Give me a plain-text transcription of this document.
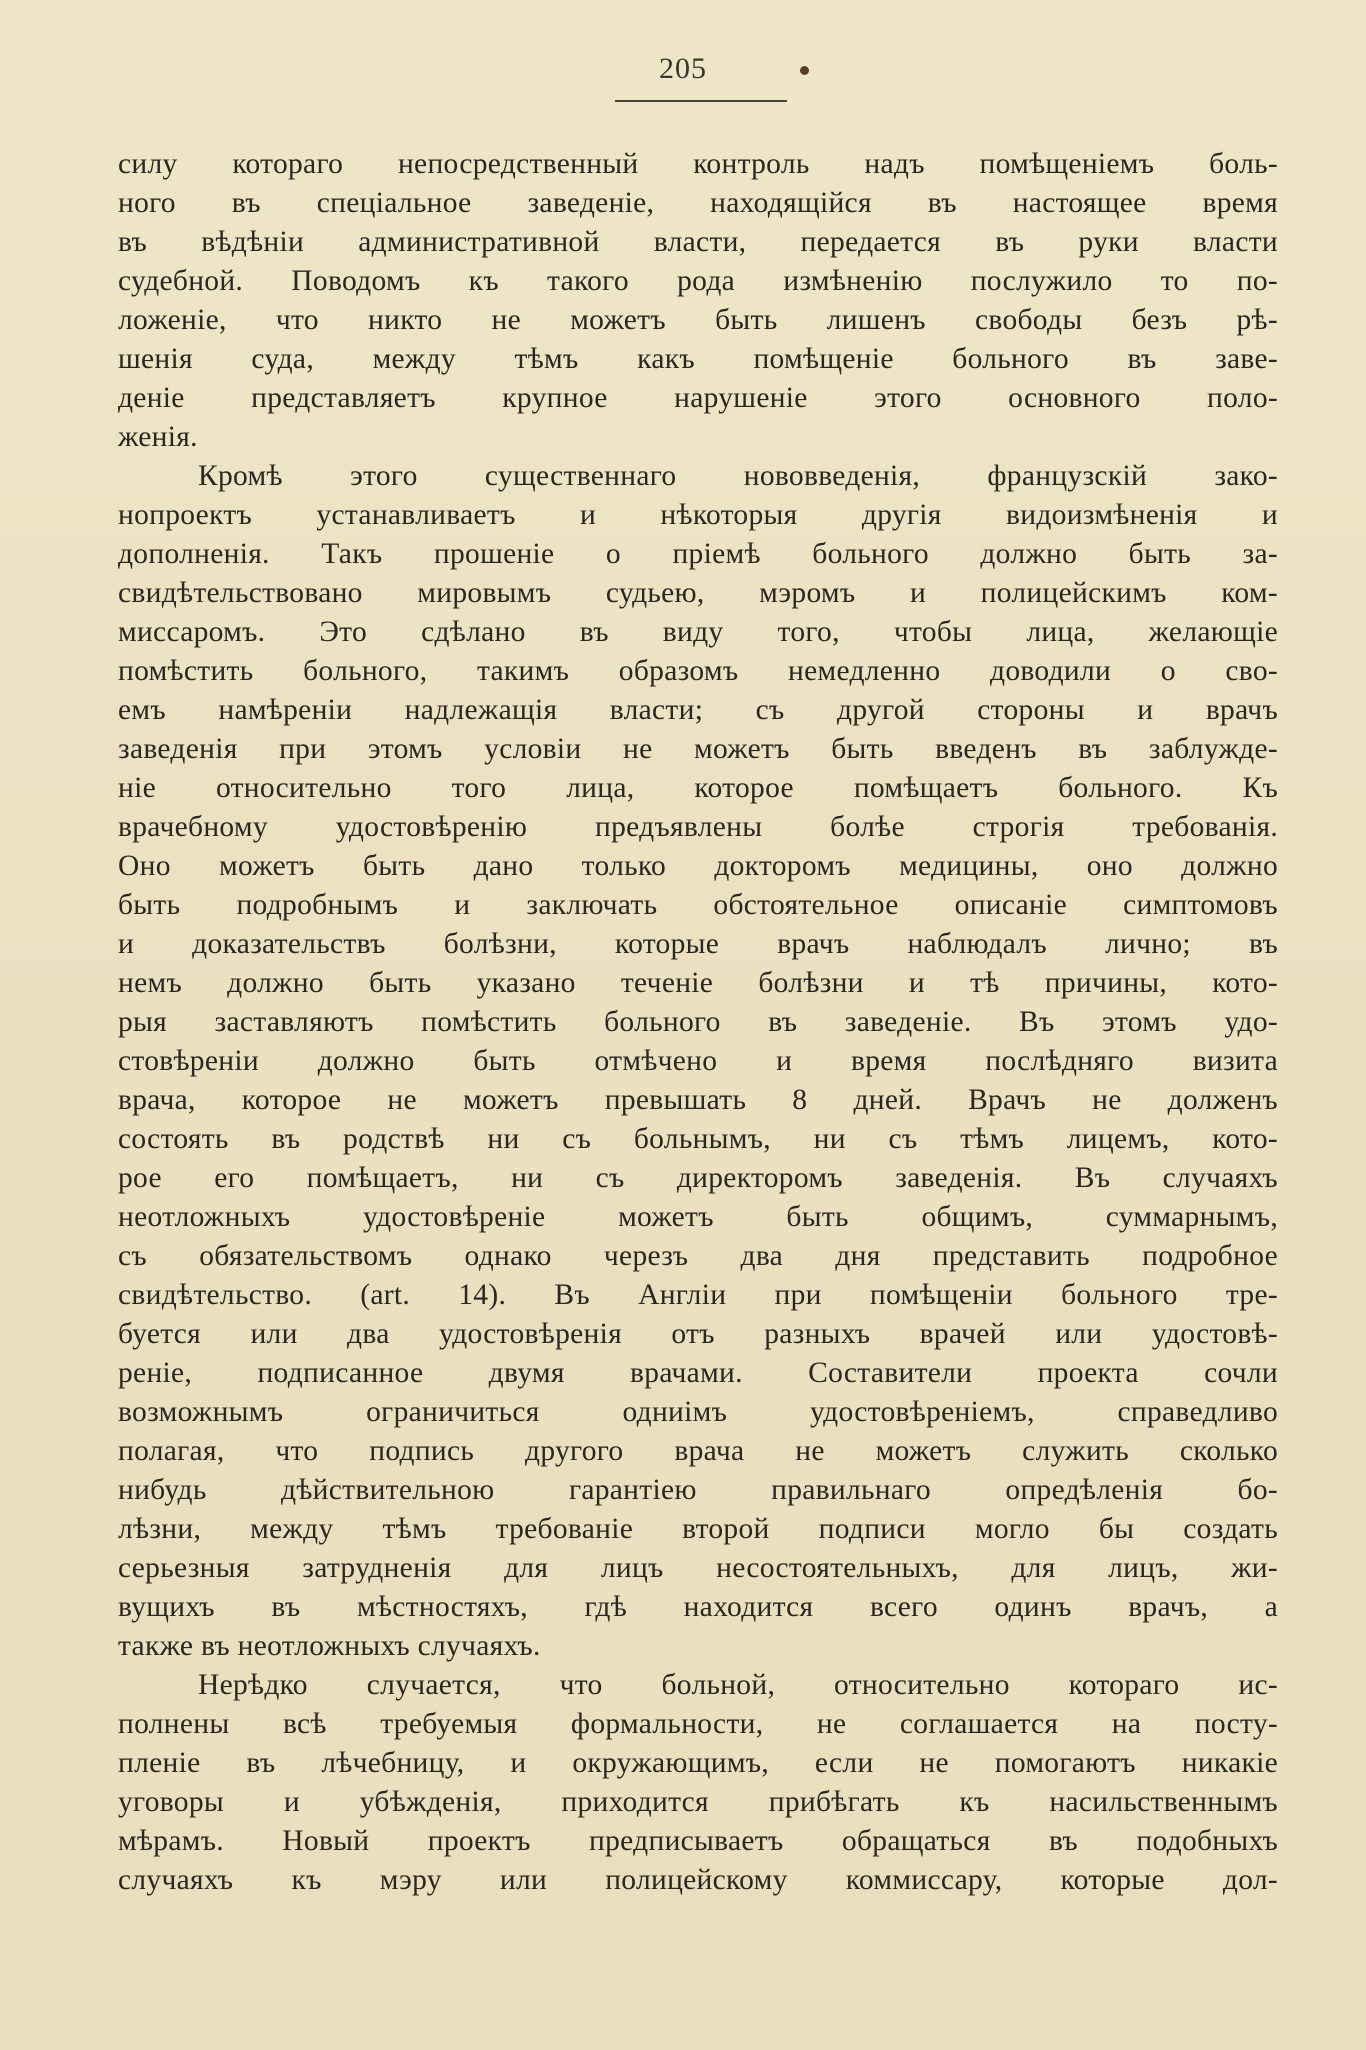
205

силу котораго непосредственный контроль надъ помѣщеніемъ боль-
ного въ спеціальное заведеніе, находящійся въ настоящее время
въ вѣдѣніи административной власти, передается въ руки власти
судебной. Поводомъ къ такого рода измѣненію послужило то по-
ложеніе, что никто не можетъ быть лишенъ свободы безъ рѣ-
шенія суда, между тѣмъ какъ помѣщеніе больного въ заве-
деніе представляетъ крупное нарушеніе этого основного поло-
женія.

Кромѣ этого существеннаго нововведенія, французскій зако-
нопроектъ устанавливаетъ и нѣкоторыя другія видоизмѣненія и
дополненія. Такъ прошеніе о пріемѣ больного должно быть за-
свидѣтельствовано мировымъ судьею, мэромъ и полицейскимъ ком-
миссаромъ. Это сдѣлано въ виду того, чтобы лица, желающіе
помѣстить больного, такимъ образомъ немедленно доводили о сво-
емъ намѣреніи надлежащія власти; съ другой стороны и врачъ
заведенія при этомъ условіи не можетъ быть введенъ въ заблужде-
ніе относительно того лица, которое помѣщаетъ больного. Къ
врачебному удостовѣренію предъявлены болѣе строгія требованія.
Оно можетъ быть дано только докторомъ медицины, оно должно
быть подробнымъ и заключать обстоятельное описаніе симптомовъ
и доказательствъ болѣзни, которые врачъ наблюдалъ лично; въ
немъ должно быть указано теченіе болѣзни и тѣ причины, кото-
рыя заставляютъ помѣстить больного въ заведеніе. Въ этомъ удо-
стовѣреніи должно быть отмѣчено и время послѣдняго визита
врача, которое не можетъ превышать 8 дней. Врачъ не долженъ
состоять въ родствѣ ни съ больнымъ, ни съ тѣмъ лицемъ, кото-
рое его помѣщаетъ, ни съ директоромъ заведенія. Въ случаяхъ
неотложныхъ удостовѣреніе можетъ быть общимъ, суммарнымъ,
съ обязательствомъ однако черезъ два дня представить подробное
свидѣтельство. (art. 14). Въ Англіи при помѣщеніи больного тре-
буется или два удостовѣренія отъ разныхъ врачей или удостовѣ-
реніе, подписанное двумя врачами. Составители проекта сочли
возможнымъ ограничиться одниімъ удостовѣреніемъ, справедливо
полагая, что подпись другого врача не можетъ служить сколько
нибудь дѣйствительною гарантіею правильнаго опредѣленія бо-
лѣзни, между тѣмъ требованіе второй подписи могло бы создать
серьезныя затрудненія для лицъ несостоятельныхъ, для лицъ, жи-
вущихъ въ мѣстностяхъ, гдѣ находится всего одинъ врачъ, а
также въ неотложныхъ случаяхъ.

Нерѣдко случается, что больной, относительно котораго ис-
полнены всѣ требуемыя формальности, не соглашается на посту-
пленіе въ лѣчебницу, и окружающимъ, если не помогаютъ никакіе
уговоры и убѣжденія, приходится прибѣгать къ насильственнымъ
мѣрамъ. Новый проектъ предписываетъ обращаться въ подобныхъ
случаяхъ къ мэру или полицейскому коммиссару, которые дол-
